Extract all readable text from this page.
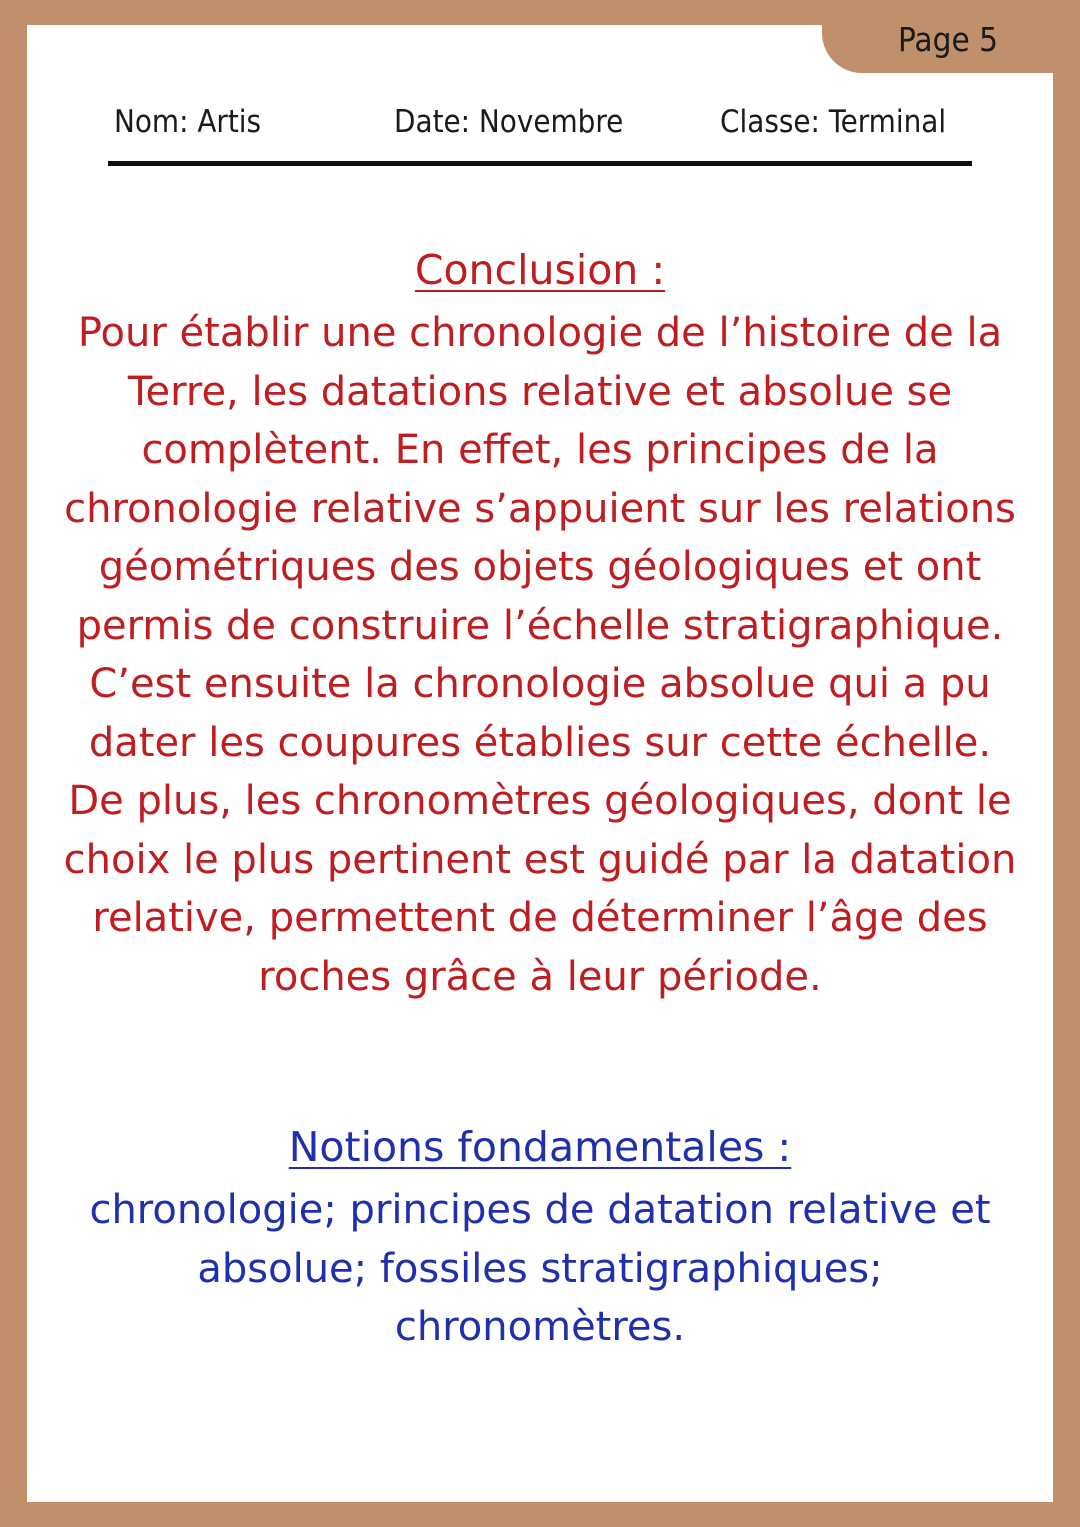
Page 5
Nom: Artis	Date: Novembre	Classe: Terminal
Conclusion :

Pour établir une chronologie de l’histoire de la Terre, les datations relative et absolue se complètent. En effet, les principes de la chronologie relative s’appuient sur les relations géométriques des objets géologiques et ont permis de construire l’échelle stratigraphique. C’est ensuite la chronologie absolue qui a pu dater les coupures établies sur cette échelle. De plus, les chronomètres géologiques, dont le choix le plus pertinent est guidé par la datation relative, permettent de déterminer l’âge des roches grâce à leur période.

Notions fondamentales :

chronologie; principes de datation relative et absolue; fossiles stratigraphiques; chronomètres.
